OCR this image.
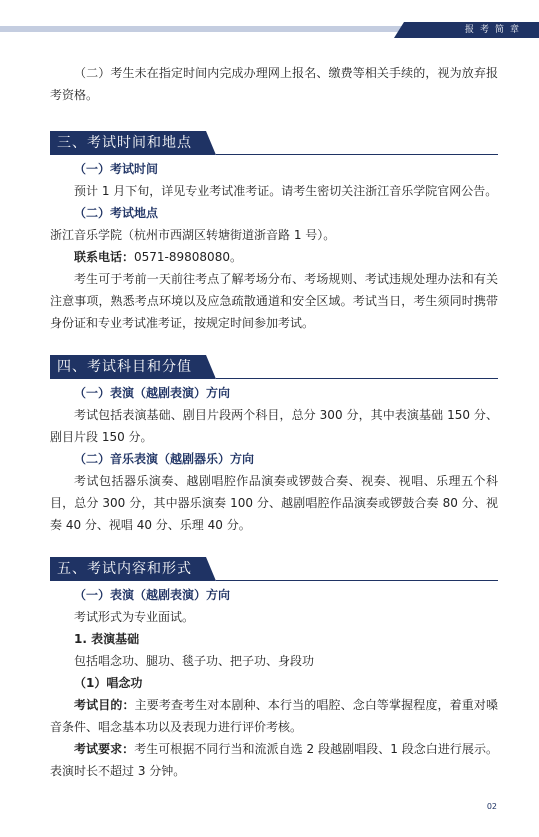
报考简章

（二）考生未在指定时间内完成办理网上报名、缴费等相关手续的，视为放弃报考资格。

三、考试时间和地点
（一）考试时间

预计 1 月下旬，详见专业考试准考证。请考生密切关注浙江音乐学院官网公告。

（二）考试地点

浙江音乐学院（杭州市西湖区转塘街道浙音路 1 号）。

联系电话：0571-89808080。

考生可于考前一天前往考点了解考场分布、考场规则、考试违规处理办法和有关注意事项，熟悉考点环境以及应急疏散通道和安全区域。考试当日，考生须同时携带身份证和专业考试准考证，按规定时间参加考试。

四、考试科目和分值
（一）表演（越剧表演）方向

考试包括表演基础、剧目片段两个科目，总分 300 分，其中表演基础 150 分、剧目片段 150 分。

（二）音乐表演（越剧器乐）方向

考试包括器乐演奏、越剧唱腔作品演奏或锣鼓合奏、视奏、视唱、乐理五个科目，总分 300 分，其中器乐演奏 100 分、越剧唱腔作品演奏或锣鼓合奏 80 分、视奏 40 分、视唱 40 分、乐理 40 分。

五、考试内容和形式
（一）表演（越剧表演）方向

考试形式为专业面试。

1. 表演基础

包括唱念功、腿功、毯子功、把子功、身段功

（1）唱念功

考试目的：主要考查考生对本剧种、本行当的唱腔、念白等掌握程度，着重对嗓音条件、唱念基本功以及表现力进行评价考核。

考试要求：考生可根据不同行当和流派自选 2 段越剧唱段、1 段念白进行展示。表演时长不超过 3 分钟。

02
